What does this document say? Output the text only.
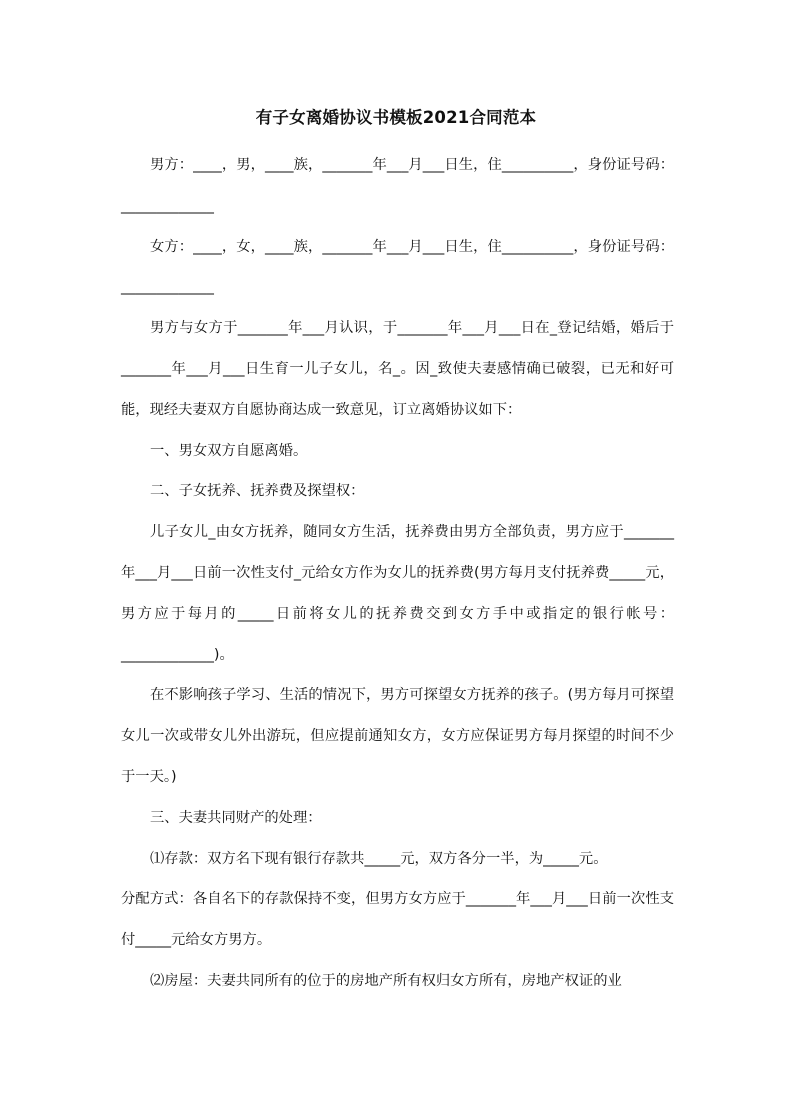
有子女离婚协议书模板2021合同范本

男方：____，男，____族，_______年___月___日生，住__________，身份证号码：_____________

女方：____，女，____族，_______年___月___日生，住__________，身份证号码：_____________

男方与女方于_______年___月认识，于_______年___月___日在_登记结婚，婚后于_______年___月___日生育一儿子女儿，名_。因_致使夫妻感情确已破裂，已无和好可能，现经夫妻双方自愿协商达成一致意见，订立离婚协议如下：

一、男女双方自愿离婚。

二、子女抚养、抚养费及探望权：

儿子女儿_由女方抚养，随同女方生活，抚养费由男方全部负责，男方应于_______年___月___日前一次性支付_元给女方作为女儿的抚养费(男方每月支付抚养费_____元，男方应于每月的_____日前将女儿的抚养费交到女方手中或指定的银行帐号：_____________)。

在不影响孩子学习、生活的情况下，男方可探望女方抚养的孩子。(男方每月可探望女儿一次或带女儿外出游玩，但应提前通知女方，女方应保证男方每月探望的时间不少于一天。)

三、夫妻共同财产的处理：

⑴存款：双方名下现有银行存款共_____元，双方各分一半，为_____元。

分配方式：各自名下的存款保持不变，但男方女方应于_______年___月___日前一次性支付_____元给女方男方。

⑵房屋：夫妻共同所有的位于的房地产所有权归女方所有，房地产权证的业
